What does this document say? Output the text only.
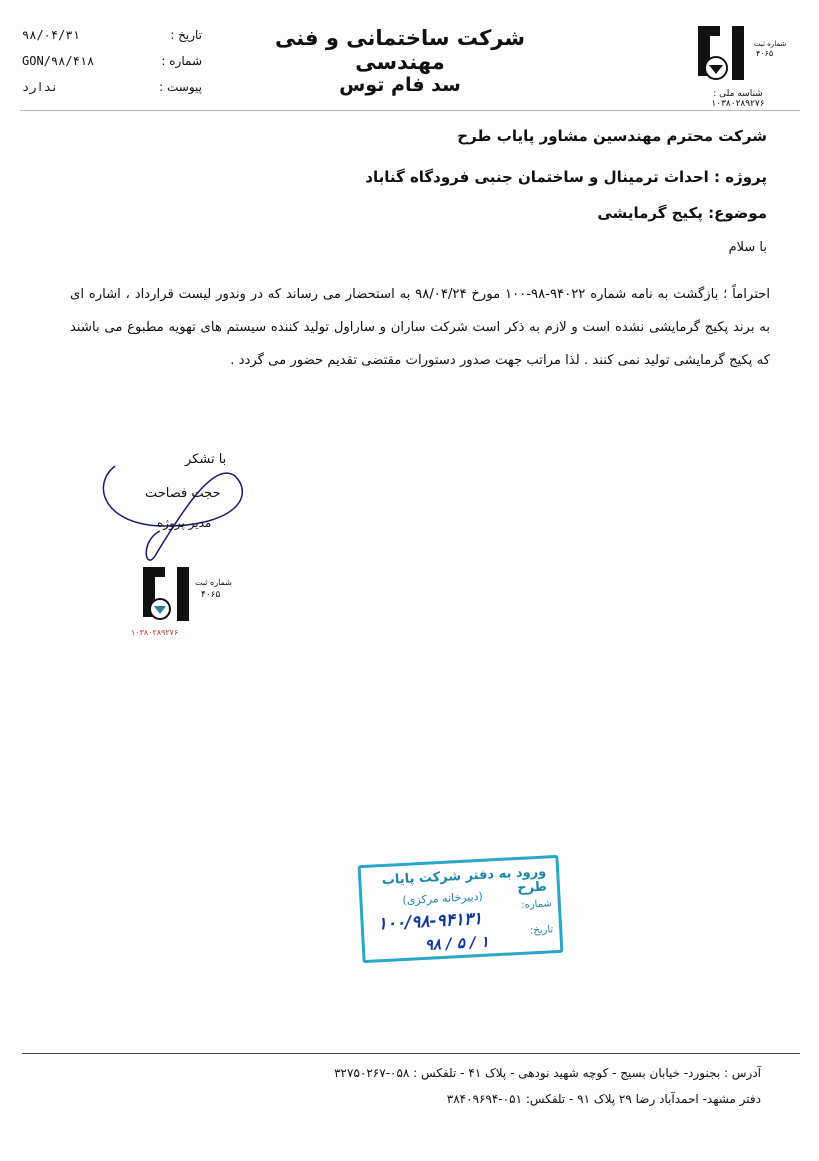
شماره ثبت
۴۰۶۵
شناسه ملی : ۱۰۳۸۰۲۸۹۲۷۶
شرکت ساختمانی و فنی مهندسی
سد فام توس
تاریخ :
۹۸/۰۴/۳۱
شماره :
GON/۹۸/۴۱۸
پیوست :
ندارد
شرکت محترم مهندسین مشاور پایاب طرح
پروژه : احداث ترمینال و ساختمان جنبی فرودگاه گناباد
موضوع: پکیج گرمایشی
با سلام
احتراماً ؛ بازگشت به نامه شماره ۹۴۰۲۲-۹۸-۱۰۰ مورخ ۹۸/۰۴/۲۴ به استحضار می رساند که در وندور لیست قرارداد ، اشاره ای به برند پکیج گرمایشی نشده است و لازم به ذکر است شرکت ساران و ساراول تولید کننده سیستم های تهویه مطبوع می باشند که پکیج گرمایشی تولید نمی کنند . لذا مراتب جهت صدور دستورات مقتضی تقدیم حضور می گردد .
با تشکر
حجت فصاحت
مدیر پروژه
شماره ثبت
۴۰۶۵
۱۰۳۸۰۲۸۹۲۷۶
ورود به دفتر شرکت پایاب طرح
(دبیرخانه مرکزی)	شماره:
تاریخ:
۱۰۰/۹۸-۹۴۱۳۱
۹۸ / ۵ / ۱
آدرس : بجنورد- خیابان بسیج - کوچه شهید نودهی - پلاک ۴۱ - تلفکس : ۰۵۸-۳۲۷۵۰۲۶۷
دفتر مشهد- احمدآباد رضا ۲۹ پلاک ۹۱ - تلفکس: ۰۵۱-۳۸۴۰۹۶۹۴
